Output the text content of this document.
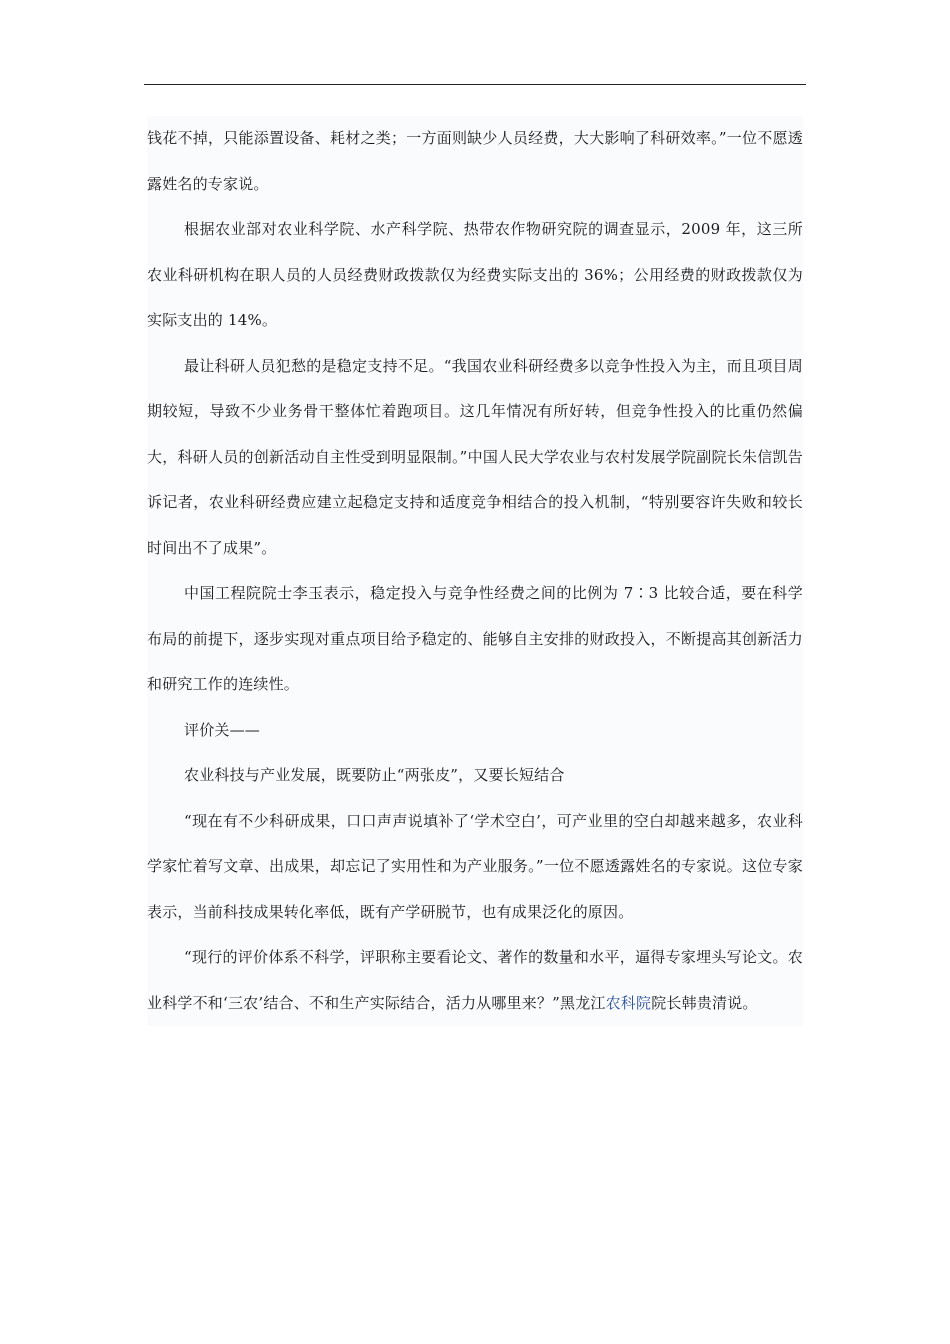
钱花不掉，只能添置设备、耗材之类；一方面则缺少人员经费，大大影响了科研效率。”一位不愿透露姓名的专家说。

根据农业部对农业科学院、水产科学院、热带农作物研究院的调查显示，2009 年，这三所农业科研机构在职人员的人员经费财政拨款仅为经费实际支出的 36%；公用经费的财政拨款仅为实际支出的 14%。

最让科研人员犯愁的是稳定支持不足。“我国农业科研经费多以竞争性投入为主，而且项目周期较短，导致不少业务骨干整体忙着跑项目。这几年情况有所好转，但竞争性投入的比重仍然偏大，科研人员的创新活动自主性受到明显限制。”中国人民大学农业与农村发展学院副院长朱信凯告诉记者，农业科研经费应建立起稳定支持和适度竞争相结合的投入机制，“特别要容许失败和较长时间出不了成果”。

中国工程院院士李玉表示，稳定投入与竞争性经费之间的比例为 7∶3 比较合适，要在科学布局的前提下，逐步实现对重点项目给予稳定的、能够自主安排的财政投入，不断提高其创新活力和研究工作的连续性。

评价关——

农业科技与产业发展，既要防止“两张皮”，又要长短结合

“现在有不少科研成果，口口声声说填补了‘学术空白’，可产业里的空白却越来越多，农业科学家忙着写文章、出成果，却忘记了实用性和为产业服务。”一位不愿透露姓名的专家说。这位专家表示，当前科技成果转化率低，既有产学研脱节，也有成果泛化的原因。

“现行的评价体系不科学，评职称主要看论文、著作的数量和水平，逼得专家埋头写论文。农业科学不和‘三农’结合、不和生产实际结合，活力从哪里来？”黑龙江农科院院长韩贵清说。
